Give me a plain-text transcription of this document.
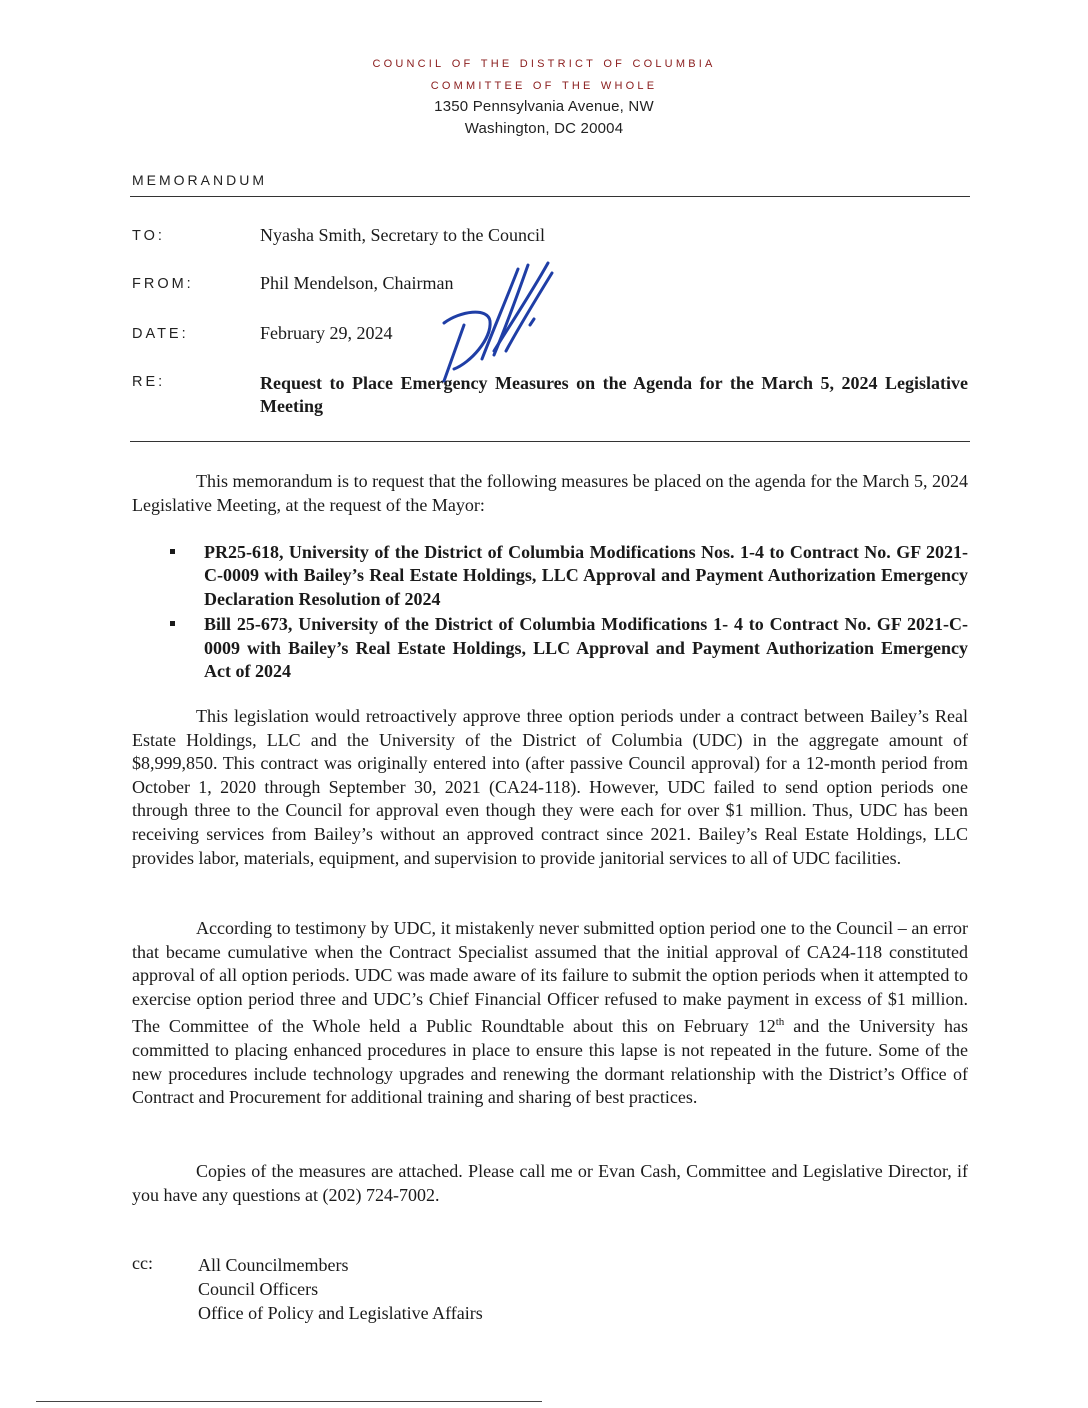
council of the district of columbia
committee of the whole
1350 Pennsylvania Avenue, NW
Washington, DC 20004
MEMORANDUM
TO:	Nyasha Smith, Secretary to the Council
FROM:	Phil Mendelson, Chairman
DATE:	February 29, 2024
RE:	Request to Place Emergency Measures on the Agenda for the March 5, 2024 Legislative Meeting
This memorandum is to request that the following measures be placed on the agenda for the March 5, 2024 Legislative Meeting, at the request of the Mayor:
PR25-618, University of the District of Columbia Modifications Nos. 1-4 to Contract No. GF 2021-C-0009 with Bailey’s Real Estate Holdings, LLC Approval and Payment Authorization Emergency Declaration Resolution of 2024
Bill 25-673, University of the District of Columbia Modifications 1- 4 to Contract No. GF 2021-C-0009 with Bailey’s Real Estate Holdings, LLC Approval and Payment Authorization Emergency Act of 2024
This legislation would retroactively approve three option periods under a contract between Bailey’s Real Estate Holdings, LLC and the University of the District of Columbia (UDC) in the aggregate amount of $8,999,850. This contract was originally entered into (after passive Council approval) for a 12-month period from October 1, 2020 through September 30, 2021 (CA24-118). However, UDC failed to send option periods one through three to the Council for approval even though they were each for over $1 million. Thus, UDC has been receiving services from Bailey’s without an approved contract since 2021. Bailey’s Real Estate Holdings, LLC provides labor, materials, equipment, and supervision to provide janitorial services to all of UDC facilities.
According to testimony by UDC, it mistakenly never submitted option period one to the Council – an error that became cumulative when the Contract Specialist assumed that the initial approval of CA24-118 constituted approval of all option periods. UDC was made aware of its failure to submit the option periods when it attempted to exercise option period three and UDC’s Chief Financial Officer refused to make payment in excess of $1 million. The Committee of the Whole held a Public Roundtable about this on February 12th and the University has committed to placing enhanced procedures in place to ensure this lapse is not repeated in the future. Some of the new procedures include technology upgrades and renewing the dormant relationship with the District’s Office of Contract and Procurement for additional training and sharing of best practices.
Copies of the measures are attached. Please call me or Evan Cash, Committee and Legislative Director, if you have any questions at (202) 724-7002.
cc:	All Councilmembers
Council Officers
Office of Policy and Legislative Affairs
